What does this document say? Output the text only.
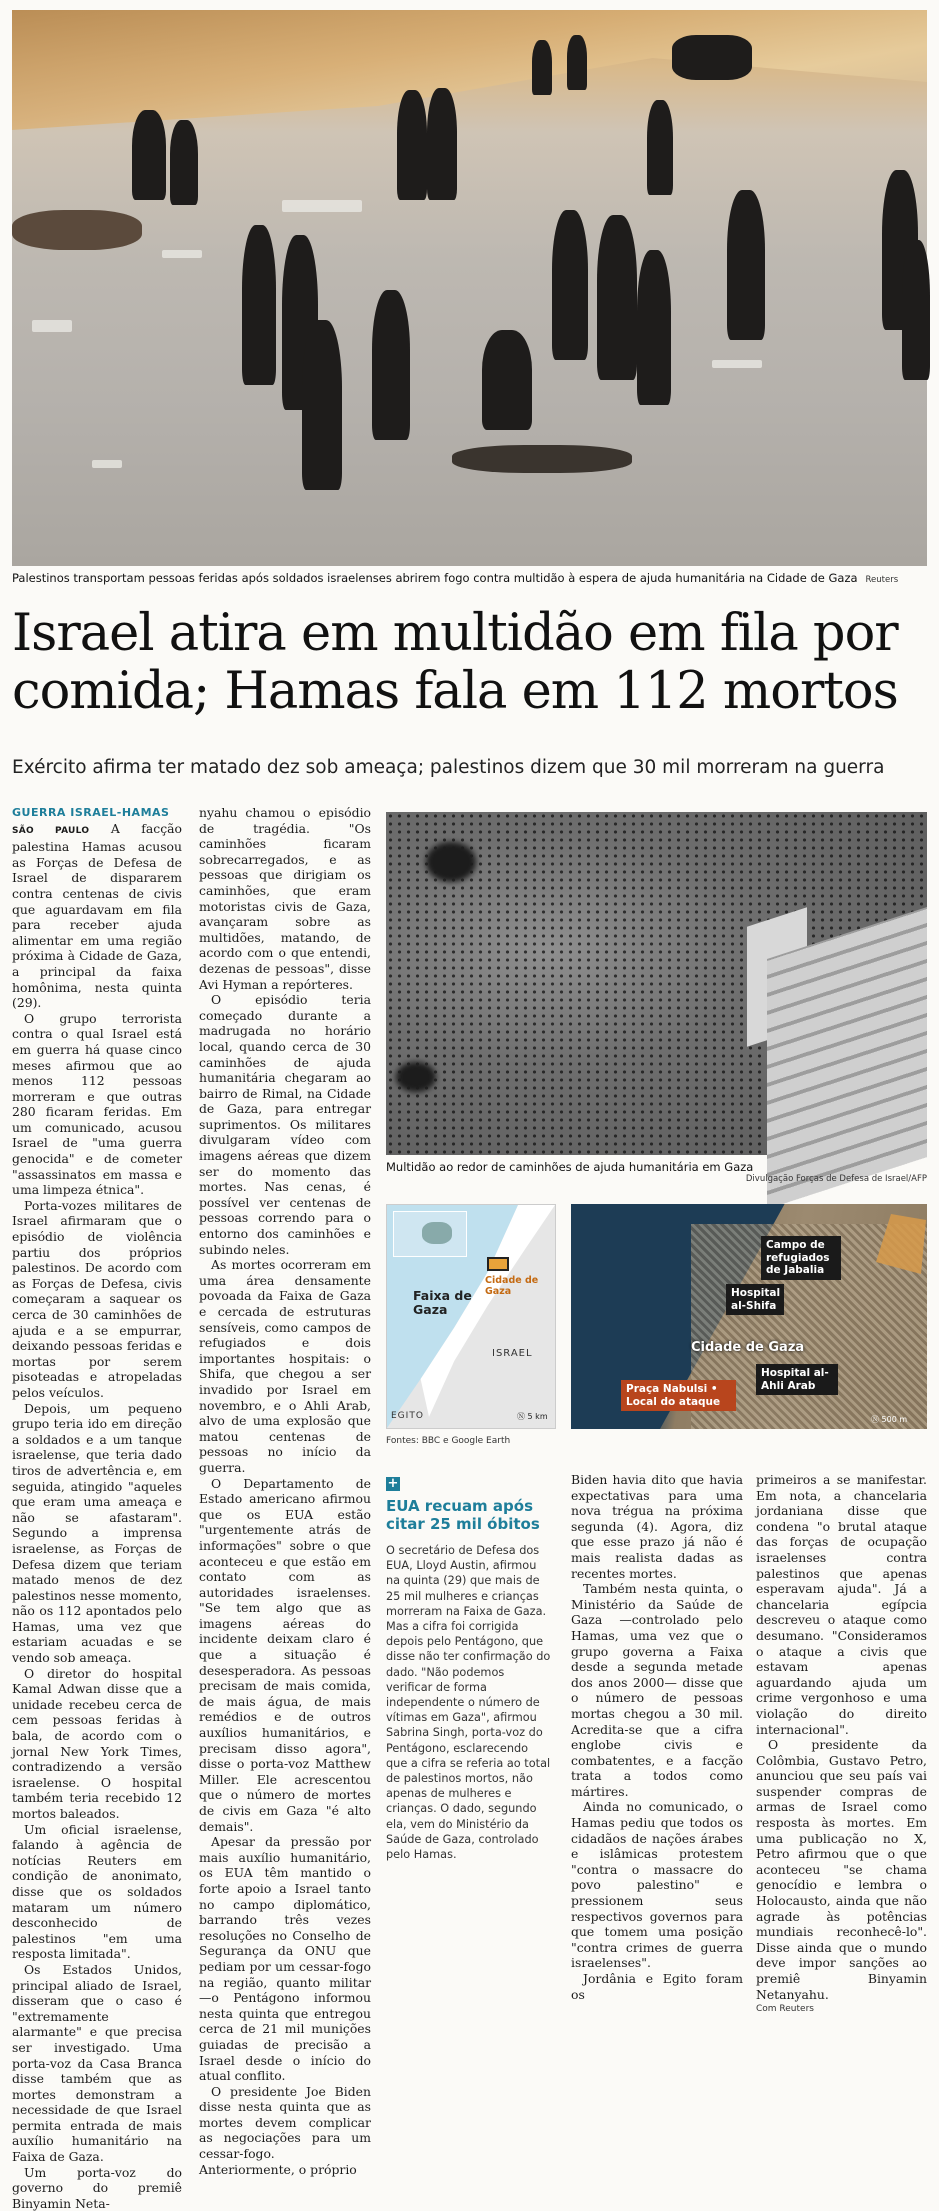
Palestinos transportam pessoas feridas após soldados israelenses abrirem fogo contra multidão à espera de ajuda humanitária na Cidade de Gaza Reuters
Israel atira em multidão em fila por comida; Hamas fala em 112 mortos
Exército afirma ter matado dez sob ameaça; palestinos dizem que 30 mil morreram na guerra
GUERRA ISRAEL-HAMAS

SÃO PAULO A facção palestina Hamas acusou as Forças de Defesa de Israel de dispararem contra centenas de civis que aguardavam em fila para receber ajuda alimentar em uma região próxima à Cidade de Gaza, a principal da faixa homônima, nesta quinta (29).

O grupo terrorista contra o qual Israel está em guerra há quase cinco meses afirmou que ao menos 112 pessoas morreram e que outras 280 ficaram feridas. Em um comunicado, acusou Israel de "uma guerra genocida" e de cometer "assassinatos em massa e uma limpeza étnica".

Porta-vozes militares de Israel afirmaram que o episódio de violência partiu dos próprios palestinos. De acordo com as Forças de Defesa, civis começaram a saquear os cerca de 30 caminhões de ajuda e a se empurrar, deixando pessoas feridas e mortas por serem pisoteadas e atropeladas pelos veículos.

Depois, um pequeno grupo teria ido em direção a soldados e a um tanque israelense, que teria dado tiros de advertência e, em seguida, atingido "aqueles que eram uma ameaça e não se afastaram". Segundo a imprensa israelense, as Forças de Defesa dizem que teriam matado menos de dez palestinos nesse momento, não os 112 apontados pelo Hamas, uma vez que estariam acuadas e se vendo sob ameaça.

O diretor do hospital Kamal Adwan disse que a unidade recebeu cerca de cem pessoas feridas à bala, de acordo com o jornal New York Times, contradizendo a versão israelense. O hospital também teria recebido 12 mortos baleados.

Um oficial israelense, falando à agência de notícias Reuters em condição de anonimato, disse que os soldados mataram um número desconhecido de palestinos "em uma resposta limitada".

Os Estados Unidos, principal aliado de Israel, disseram que o caso é "extremamente alarmante" e que precisa ser investigado. Uma porta-voz da Casa Branca disse também que as mortes demonstram a necessidade de que Israel permita entrada de mais auxílio humanitário na Faixa de Gaza.

Um porta-voz do governo do premiê Binyamin Neta-

nyahu chamou o episódio de tragédia. "Os caminhões ficaram sobrecarregados, e as pessoas que dirigiam os caminhões, que eram motoristas civis de Gaza, avançaram sobre as multidões, matando, de acordo com o que entendi, dezenas de pessoas", disse Avi Hyman a repórteres.

O episódio teria começado durante a madrugada no horário local, quando cerca de 30 caminhões de ajuda humanitária chegaram ao bairro de Rimal, na Cidade de Gaza, para entregar suprimentos. Os militares divulgaram vídeo com imagens aéreas que dizem ser do momento das mortes. Nas cenas, é possível ver centenas de pessoas correndo para o entorno dos caminhões e subindo neles.

As mortes ocorreram em uma área densamente povoada da Faixa de Gaza e cercada de estruturas sensíveis, como campos de refugiados e dois importantes hospitais: o Shifa, que chegou a ser invadido por Israel em novembro, e o Ahli Arab, alvo de uma explosão que matou centenas de pessoas no início da guerra.

O Departamento de Estado americano afirmou que os EUA estão "urgentemente atrás de informações" sobre o que aconteceu e que estão em contato com as autoridades israelenses. "Se tem algo que as imagens aéreas do incidente deixam claro é que a situação é desesperadora. As pessoas precisam de mais comida, de mais água, de mais remédios e de outros auxílios humanitários, e precisam disso agora", disse o porta-voz Matthew Miller. Ele acrescentou que o número de mortes de civis em Gaza "é alto demais".

Apesar da pressão por mais auxílio humanitário, os EUA têm mantido o forte apoio a Israel tanto no campo diplomático, barrando três vezes resoluções no Conselho de Segurança da ONU que pediam por um cessar-fogo na região, quanto militar —o Pentágono informou nesta quinta que entregou cerca de 21 mil munições guiadas de precisão a Israel desde o início do atual conflito.

O presidente Joe Biden disse nesta quinta que as mortes devem complicar as negociações para um cessar-fogo. Anteriormente, o próprio

Multidão ao redor de caminhões de ajuda humanitária em Gaza
Divulgação Forças de Defesa de Israel/AFP
Faixa de Gaza
Cidade de Gaza
ISRAEL
EGITO	Ⓝ 5 km
Campo de refugiados de Jabalia
Hospital al-Shifa
Cidade de Gaza
Hospital al-Ahli Arab
Praça Nabulsi • Local do ataque
Ⓝ 500 m
Fontes: BBC e Google Earth
+
EUA recuam após citar 25 mil óbitos
O secretário de Defesa dos EUA, Lloyd Austin, afirmou na quinta (29) que mais de 25 mil mulheres e crianças morreram na Faixa de Gaza. Mas a cifra foi corrigida depois pelo Pentágono, que disse não ter confirmação do dado. "Não podemos verificar de forma independente o número de vítimas em Gaza", afirmou Sabrina Singh, porta-voz do Pentágono, esclarecendo que a cifra se referia ao total de palestinos mortos, não apenas de mulheres e crianças. O dado, segundo ela, vem do Ministério da Saúde de Gaza, controlado pelo Hamas.

Biden havia dito que havia expectativas para uma nova trégua na próxima segunda (4). Agora, diz que esse prazo já não é mais realista dadas as recentes mortes.

Também nesta quinta, o Ministério da Saúde de Gaza —controlado pelo Hamas, uma vez que o grupo governa a Faixa desde a segunda metade dos anos 2000— disse que o número de pessoas mortas chegou a 30 mil. Acredita-se que a cifra englobe civis e combatentes, e a facção trata a todos como mártires.

Ainda no comunicado, o Hamas pediu que todos os cidadãos de nações árabes e islâmicas protestem "contra o massacre do povo palestino" e pressionem seus respectivos governos para que tomem uma posição "contra crimes de guerra israelenses".

Jordânia e Egito foram os

primeiros a se manifestar. Em nota, a chancelaria jordaniana disse que condena "o brutal ataque das forças de ocupação israelenses contra palestinos que apenas esperavam ajuda". Já a chancelaria egípcia descreveu o ataque como desumano. "Consideramos o ataque a civis que estavam apenas aguardando ajuda um crime vergonhoso e uma violação do direito internacional".

O presidente da Colômbia, Gustavo Petro, anunciou que seu país vai suspender compras de armas de Israel como resposta às mortes. Em uma publicação no X, Petro afirmou que o que aconteceu "se chama genocídio e lembra o Holocausto, ainda que não agrade às potências mundiais reconhecê-lo". Disse ainda que o mundo deve impor sanções ao premiê Binyamin Netanyahu.

Com Reuters
